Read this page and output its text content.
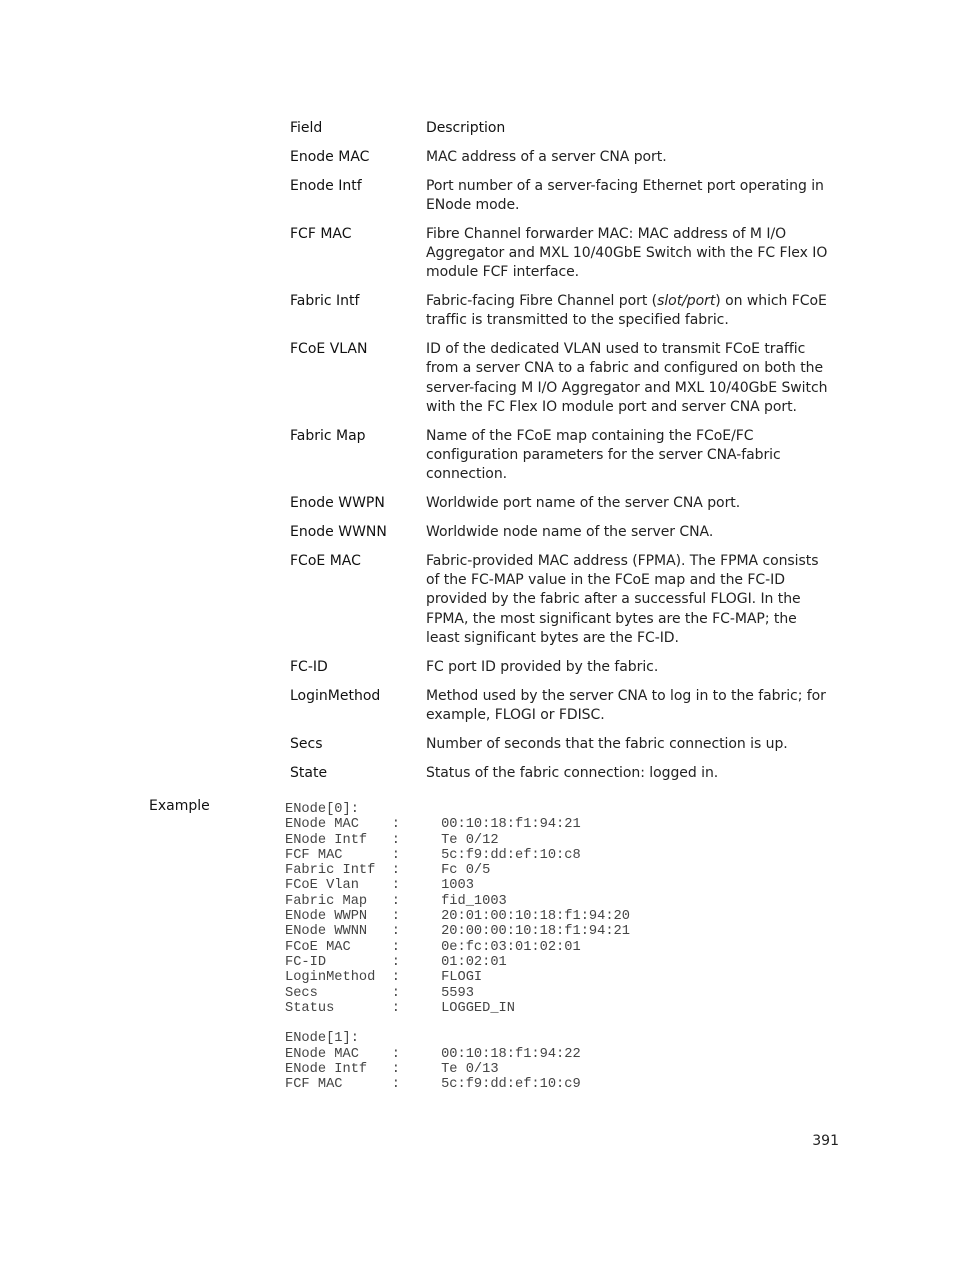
Field	Description
Enode MAC	MAC address of a server CNA port.
Enode Intf	Port number of a server-facing Ethernet port operating in ENode mode.
FCF MAC	Fibre Channel forwarder MAC: MAC address of M I/O Aggregator and MXL 10/40GbE Switch with the FC Flex IO module FCF interface.
Fabric Intf	Fabric-facing Fibre Channel port (slot/port) on which FCoE traffic is transmitted to the specified fabric.
FCoE VLAN	ID of the dedicated VLAN used to transmit FCoE traffic from a server CNA to a fabric and configured on both the server-facing M I/O Aggregator and MXL 10/40GbE Switch with the FC Flex IO module port and server CNA port.
Fabric Map	Name of the FCoE map containing the FCoE/FC configuration parameters for the server CNA-fabric connection.
Enode WWPN	Worldwide port name of the server CNA port.
Enode WWNN	Worldwide node name of the server CNA.
FCoE MAC	Fabric-provided MAC address (FPMA). The FPMA consists of the FC-MAP value in the FCoE map and the FC-ID provided by the fabric after a successful FLOGI. In the FPMA, the most significant bytes are the FC-MAP; the least significant bytes are the FC-ID.
FC-ID	FC port ID provided by the fabric.
LoginMethod	Method used by the server CNA to log in to the fabric; for example, FLOGI or FDISC.
Secs	Number of seconds that the fabric connection is up.
State	Status of the fabric connection: logged in.
Example	ENode[0]:
ENode MAC    :     00:10:18:f1:94:21
ENode Intf   :     Te 0/12
FCF MAC      :     5c:f9:dd:ef:10:c8
Fabric Intf  :     Fc 0/5
FCoE Vlan    :     1003
Fabric Map   :     fid_1003
ENode WWPN   :     20:01:00:10:18:f1:94:20
ENode WWNN   :     20:00:00:10:18:f1:94:21
FCoE MAC     :     0e:fc:03:01:02:01
FC-ID        :     01:02:01
LoginMethod  :     FLOGI
Secs         :     5593
Status       :     LOGGED_IN

ENode[1]:
ENode MAC    :     00:10:18:f1:94:22
ENode Intf   :     Te 0/13
FCF MAC      :     5c:f9:dd:ef:10:c9
391
